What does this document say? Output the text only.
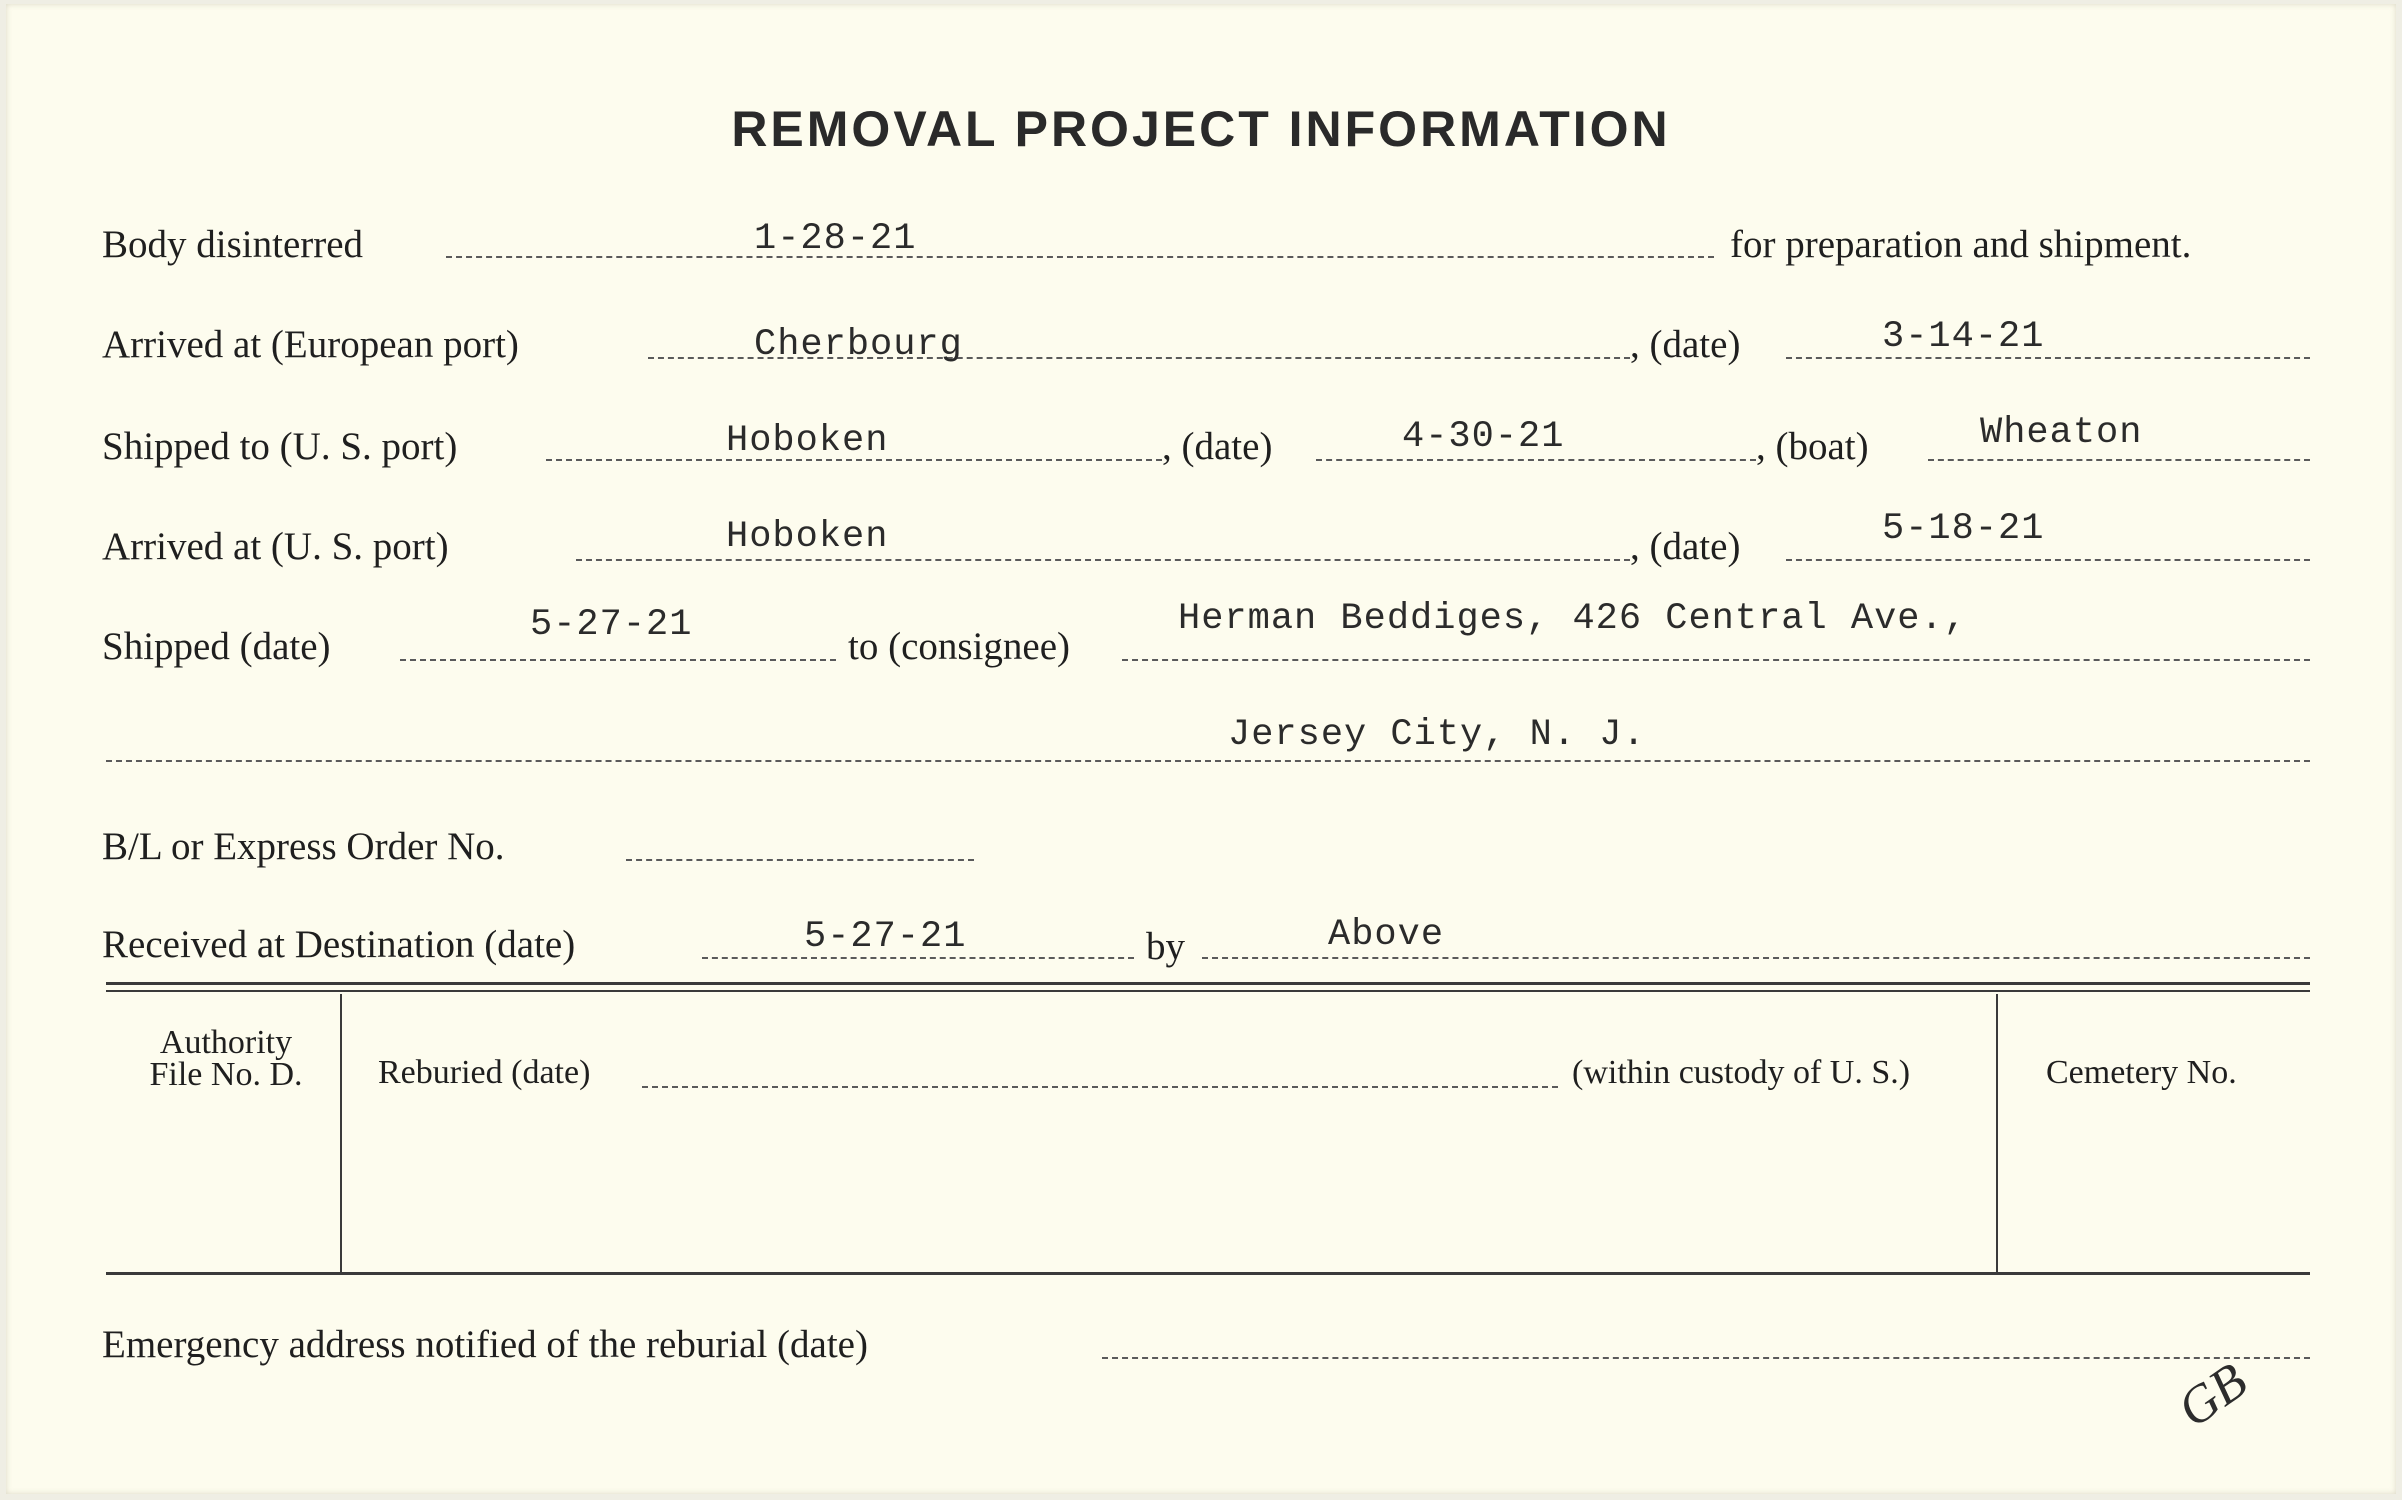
REMOVAL PROJECT INFORMATION
Body disinterred	1-28-21	for preparation and shipment.
Arrived at (European port)	Cherbourg	, (date)	3-14-21
Shipped to (U. S. port)	Hoboken	, (date)	4-30-21	, (boat)	Wheaton
Arrived at (U. S. port)	Hoboken	, (date)	5-18-21
Shipped (date)	5-27-21	to (consignee)
Herman Beddiges, 426 Central Ave.,
Jersey City, N. J.
B/L or Express Order No.
Received at Destination (date)	5-27-21	by	Above
Authority
File No. D.	Reburied (date)	(within custody of U. S.)	Cemetery No.
Emergency address notified of the reburial (date)
GB
